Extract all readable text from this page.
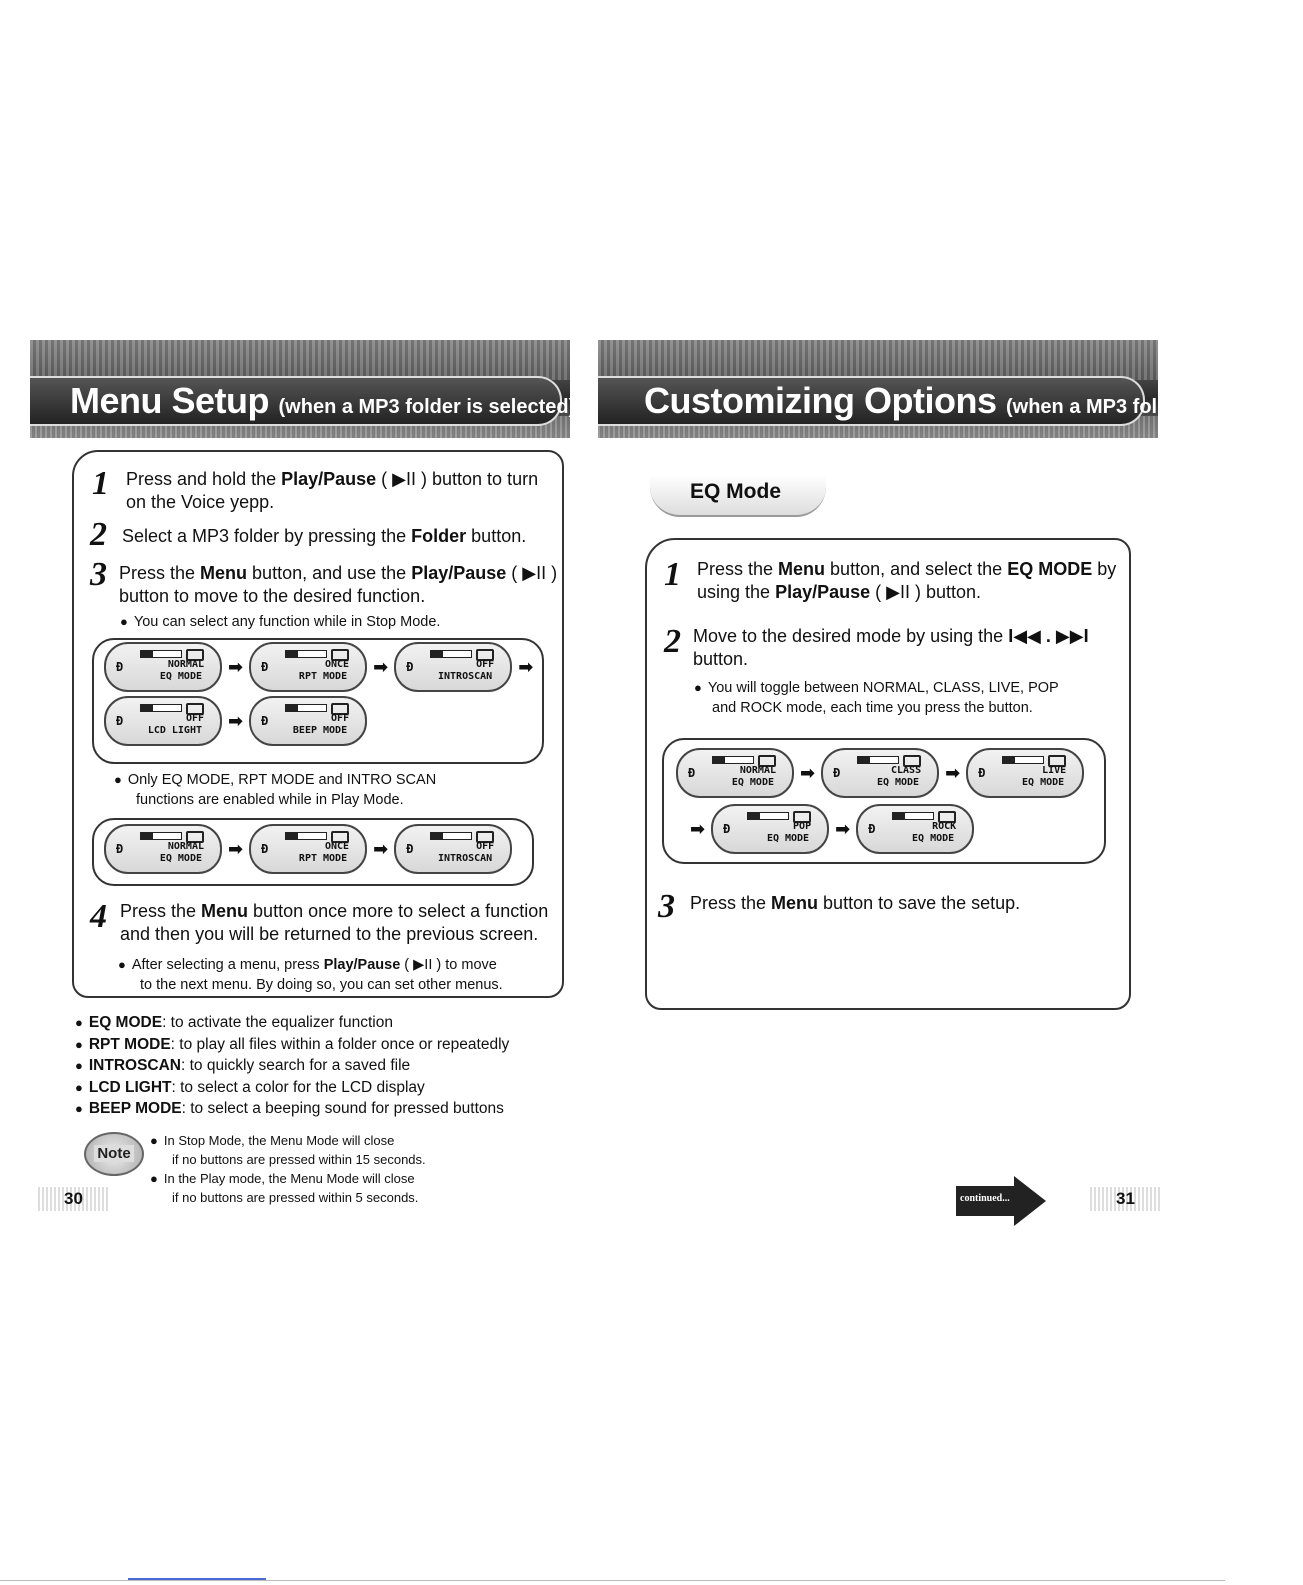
Menu Setup (when a MP3 folder is selected) Customizing Options (when a MP3 folder is selected)
1 Press and hold the Play/Pause ( ▶II ) button to turn
on the Voice yepp.
2 Select a MP3 folder by pressing the Folder button.
3 Press the Menu button, and use the Play/Pause ( ▶II )
button to move to the desired function.
● You can select any function while in Stop Mode.
Ð	NORMAL
EQ MODE ➡ Ð	ONCE
RPT MODE ➡ Ð	OFF
INTROSCAN ➡
Ð	OFF
LCD LIGHT ➡ Ð	OFF
BEEP MODE
● Only EQ MODE, RPT MODE and INTRO SCAN
functions are enabled while in Play Mode.
Ð	NORMAL
EQ MODE ➡ Ð	ONCE
RPT MODE ➡ Ð	OFF
INTROSCAN
4 Press the Menu button once more to select a function
and then you will be returned to the previous screen.
● After selecting a menu, press Play/Pause ( ▶II ) to move
to the next menu. By doing so, you can set other menus.
● EQ MODE: to activate the equalizer function
● RPT MODE: to play all files within a folder once or repeatedly
● INTROSCAN: to quickly search for a saved file
● LCD LIGHT: to select a color for the LCD display
● BEEP MODE: to select a beeping sound for pressed buttons
Note
● In Stop Mode, the Menu Mode will close
if no buttons are pressed within 15 seconds.
● In the Play mode, the Menu Mode will close
if no buttons are pressed within 5 seconds.
30
EQ Mode
1 Press the Menu button, and select the EQ MODE by
using the Play/Pause ( ▶II ) button.
2 Move to the desired mode by using the I◀◀ . ▶▶I
button.
● You will toggle between NORMAL, CLASS, LIVE, POP
and ROCK mode, each time you press the button.
Ð	NORMAL
EQ MODE ➡ Ð	CLASS
EQ MODE ➡ Ð	LIVE
EQ MODE
➡ Ð	POP
EQ MODE ➡ Ð	ROCK
EQ MODE
3 Press the Menu button to save the setup.
continued...	31
